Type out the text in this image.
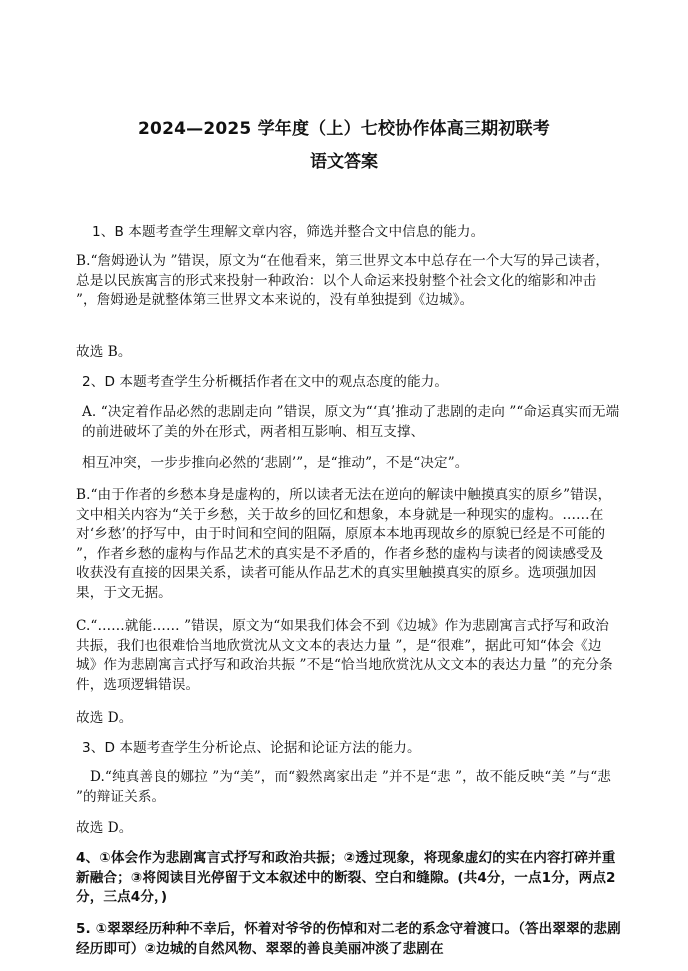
2024—2025 学年度（上）七校协作体高三期初联考
语文答案

1、B 本题考查学生理解文章内容，筛选并整合文中信息的能力。

B.“詹姆逊认为 ”错误，原文为“在他看来，第三世界文本中总存在一个大写的异己读者，总是以民族寓言的形式来投射一种政治：以个人命运来投射整个社会文化的缩影和冲击 ”，詹姆逊是就整体第三世界文本来说的，没有单独提到《边城》。

故选 B。

2、D 本题考查学生分析概括作者在文中的观点态度的能力。

A. “决定着作品必然的悲剧走向 ”错误，原文为“‘真’推动了悲剧的走向 ”“命运真实而无端的前进破坏了美的外在形式，两者相互影响、相互支撑、

相互冲突，一步步推向必然的‘悲剧’”，是“推动”，不是“决定”。

B.“由于作者的乡愁本身是虚构的，所以读者无法在逆向的解读中触摸真实的原乡”错误， 文中相关内容为“关于乡愁，关于故乡的回忆和想象，本身就是一种现实的虚构。……在对‘乡愁’的抒写中，由于时间和空间的阻隔，原原本本地再现故乡的原貌已经是不可能的 ”，作者乡愁的虚构与作品艺术的真实是不矛盾的，作者乡愁的虚构与读者的阅读感受及收获没有直接的因果关系，读者可能从作品艺术的真实里触摸真实的原乡。选项强加因果，于文无据。

C.“……就能…… ”错误，原文为“如果我们体会不到《边城》作为悲剧寓言式抒写和政治共振，我们也很难恰当地欣赏沈从文文本的表达力量 ”，是“很难”，据此可知“体会《边城》作为悲剧寓言式抒写和政治共振 ”不是“恰当地欣赏沈从文文本的表达力量 ”的充分条件，选项逻辑错误。

故选 D。

3、D 本题考查学生分析论点、论据和论证方法的能力。

D.“纯真善良的娜拉 ”为“美”，而“毅然离家出走 ”并不是“悲 ”，故不能反映“美 ”与“悲 ”的辩证关系。

故选 D。

4、①体会作为悲剧寓言式抒写和政治共振；②透过现象，将现象虚幻的实在内容打碎并重新融合；③将阅读目光停留于文本叙述中的断裂、空白和缝隙。(共4分，一点1分，两点2分，三点4分，)

5. ①翠翠经历种种不幸后，怀着对爷爷的伤悼和对二老的系念守着渡口。（答出翠翠的悲剧经历即可）②边城的自然风物、翠翠的善良美丽冲淡了悲剧在
